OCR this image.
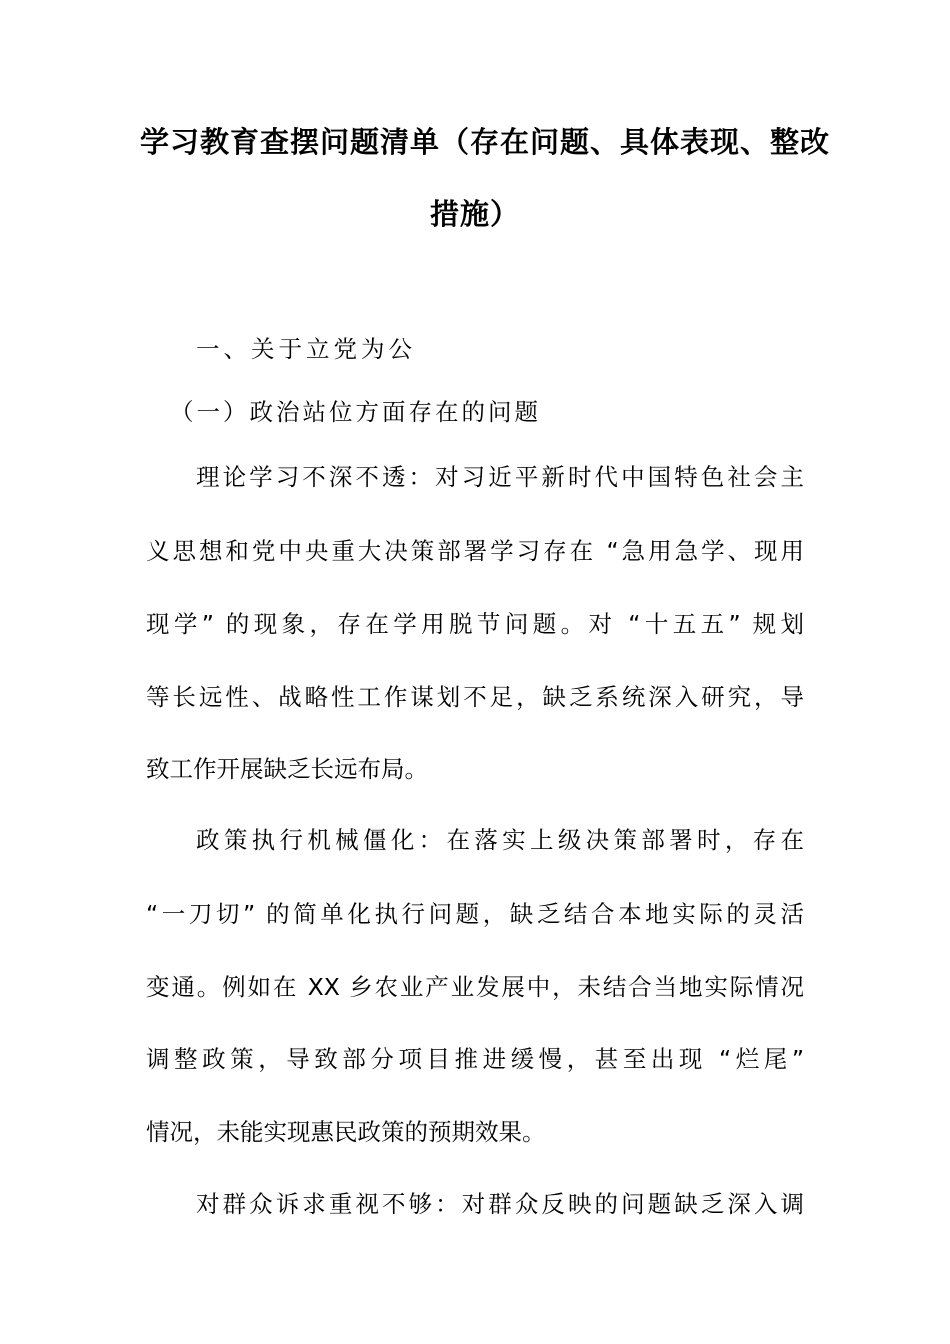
学习教育查摆问题清单（存在问题、具体表现、整改
措施）
一、关于立党为公
（一）政治站位方面存在的问题
理论学习不深不透：对习近平新时代中国特色社会主
义思想和党中央重大决策部署学习存在 “急用急学、现用
现学” 的现象，存在学用脱节问题。对 “十五五” 规划
等长远性、战略性工作谋划不足，缺乏系统深入研究，导
致工作开展缺乏长远布局。
政策执行机械僵化：在落实上级决策部署时，存在
“一刀切” 的简单化执行问题，缺乏结合本地实际的灵活
变通。例如在 XX 乡农业产业发展中，未结合当地实际情况
调整政策，导致部分项目推进缓慢，甚至出现 “烂尾”
情况，未能实现惠民政策的预期效果。
对群众诉求重视不够：对群众反映的问题缺乏深入调
